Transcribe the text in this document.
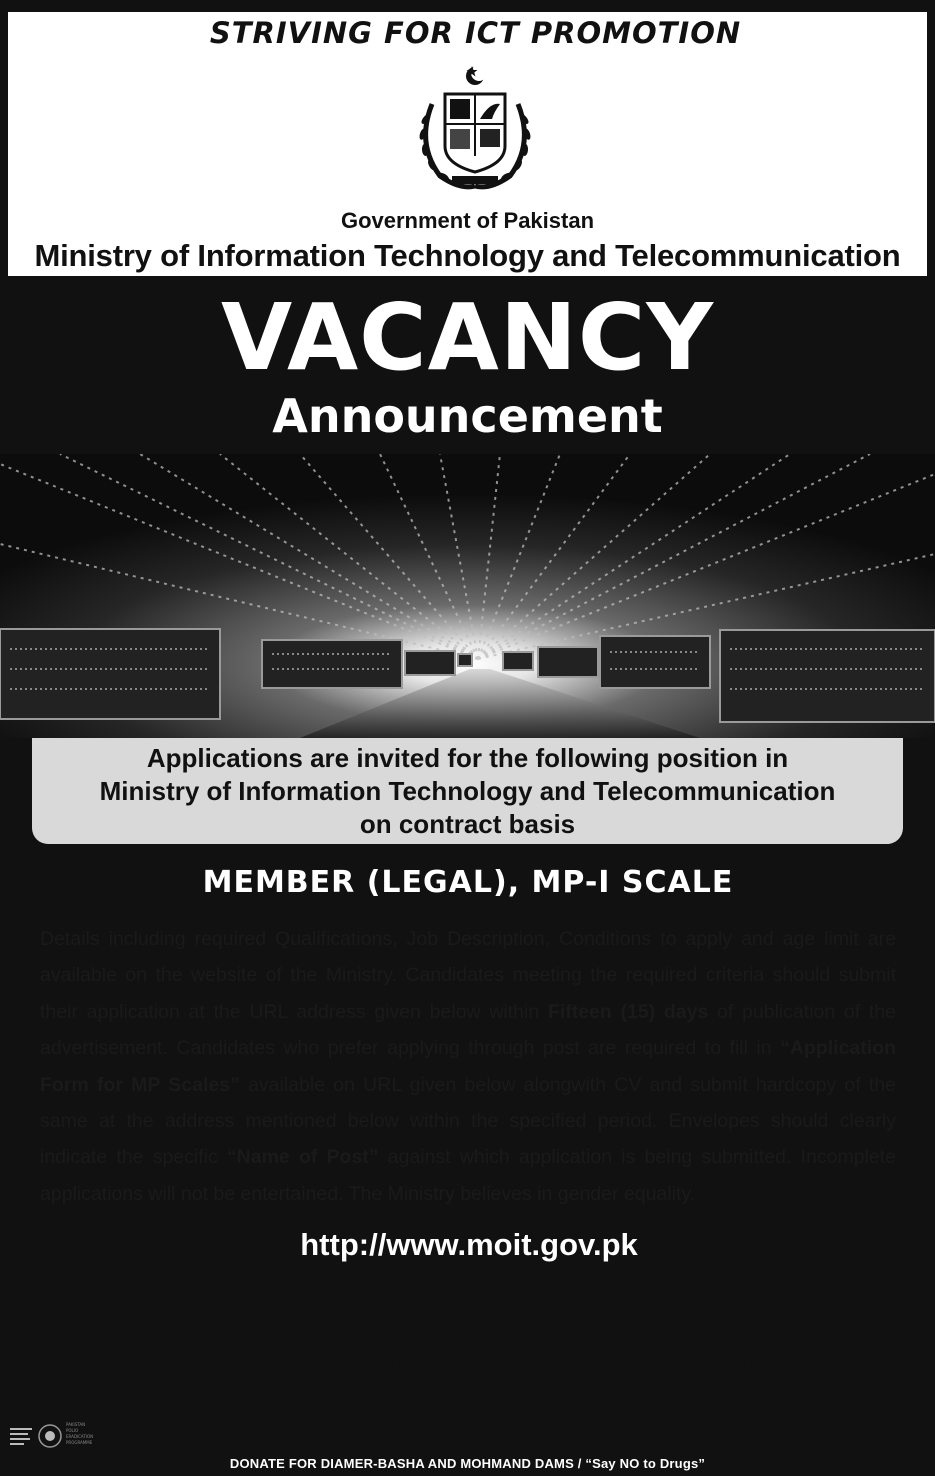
STRIVING FOR ICT PROMOTION
Government of Pakistan
Ministry of Information Technology and Telecommunication
VACANCY
Announcement
Applications are invited for the following position in
Ministry of Information Technology and Telecommunication
on contract basis
MEMBER (LEGAL), MP-I SCALE
Details including required Qualifications, Job Description, Conditions to apply and age limit are available on the website of the Ministry. Candidates meeting the required criteria should submit their application at the URL address given below within Fifteen (15) days of publication of the advertisement. Candidates who prefer applying through post are required to fill in “Application Form for MP Scales” available on URL given below alongwith CV and submit hardcopy of the same at the address mentioned below within the specified period. Envelopes should clearly indicate the specific “Name of Post” against which application is being submitted. Incomplete applications will not be entertained. The Ministry believes in gender equality.
http://www.moit.gov.pk
(Atif Rashid Khattak)
Section Officer (Admn)
Ministry of Information Technology and Telecommunication
7th Floor, Kohsar Block, Pak Secretariat, Islamabad
Tele: 051-9210228, 9209785
PAKISTAN
POLIO
ERADICATION
PROGRAMME	PID(I)3037/19
DONATE FOR DIAMER-BASHA AND MOHMAND DAMS / “Say NO to Drugs”
